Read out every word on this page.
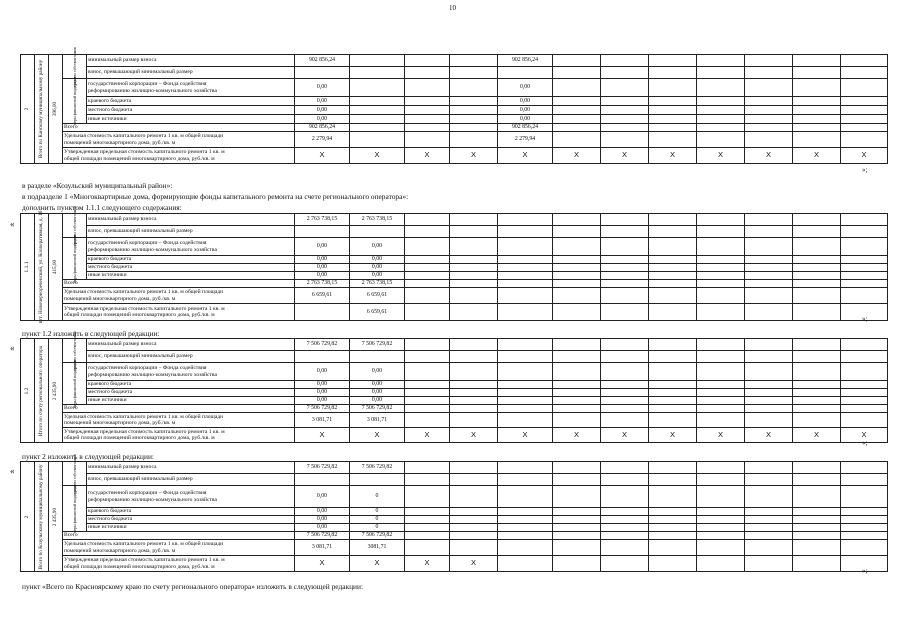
10
2	Всего по Канскому муниципальному району	396,00	средства собствен-ников	минимальный размер взноса	902 856,24				902 856,24							
				взнос, превышающий минимальный размер												

			меры финансовой поддержки	государственной корпорации – Фонда содействия
реформированию жилищно-коммунального хозяйства	0,00				0,00							
				краевого бюджета	0,00				0,00							
				местного бюджета	0,00				0,00							
				иные источники	0,00				0,00							
			Всего		902 856,24				902 856,24							
			Удельная стоимость капитального ремонта 1 кв. м общей площади
помещений многоквартирного дома, руб./кв. м		2 279,94				2 279,94							
			Утвержденная предельная стоимость капитального ремонта 1 кв. м
общей площади помещений многоквартирного дома, руб./кв. м		X	X	X	X	X	X	X	X	X	X	X	X
»;
в разделе «Козульский муниципальный район»:
в подразделе 1 «Многоквартирные дома, формирующие фонды капитального ремонта на счете регионального оператора»:
дополнить пунктом 1.1.1 следующего содержания:
«
1.1.1	пгт. Новочернореченский, ул. Кооперативная, д. 16	415,00	средства собствен-ников	минимальный размер взноса	2 763 738,15	2 763 738,15										
				взнос, превышающий минимальный размер												

			меры финансовой поддержки	государственной корпорации – Фонда содействия
реформированию жилищно-коммунального хозяйства	0,00	0,00										
				краевого бюджета	0,00	0,00										
				местного бюджета	0,00	0,00										
				иные источники	0,00	0,00										
			Всего		2 763 738,15	2 763 738,15										
			Удельная стоимость капитального ремонта 1 кв. м общей площади
помещений многоквартирного дома, руб./кв. м		6 659,61	6 659,61										
			Утвержденная предельная стоимость капитального ремонта 1 кв. м
общей площади помещений многоквартирного дома, руб./кв. м			6 659,61										
»;
пункт 1.2 изложить в следующей редакции:
«
1.2	Итого по счету регионального оператора	2 435,90	средства собствен-ников	минимальный размер взноса	7 506 729,82	7 506 729,82										
				взнос, превышающий минимальный размер												

			меры финансовой поддержки	государственной корпорации – Фонда содействия
реформированию жилищно-коммунального хозяйства	0,00	0,00										
				краевого бюджета	0,00	0,00										
				местного бюджета	0,00	0,00										
				иные источники	0,00	0,00										
			Всего		7 506 729,82	7 506 729,82										
			Удельная стоимость капитального ремонта 1 кв. м общей площади
помещений многоквартирного дома, руб./кв. м		3 081,71	3 081,71										
			Утвержденная предельная стоимость капитального ремонта 1 кв. м
общей площади помещений многоквартирного дома, руб./кв. м		X	X	X	X	X	X	X	X	X	X	X	X
»;
пункт 2 изложить в следующей редакции:
«
2	Всего по Козульскому муниципальному району	2 435,90	средства собствен-ников	минимальный размер взноса	7 506 729,82	7 506 729,82										
				взнос, превышающий минимальный размер												

			меры финансовой поддержки	государственной корпорации – Фонда содействия
реформированию жилищно-коммунального хозяйства	0,00	0										
				краевого бюджета	0,00	0										
				местного бюджета	0,00	0										
				иные источники	0,00	0										
			Всего		7 506 729,82	7 506 729,82										
			Удельная стоимость капитального ремонта 1 кв. м общей площади
помещений многоквартирного дома, руб./кв. м		3 081,71	3081,71										
			Утвержденная предельная стоимость капитального ремонта 1 кв. м
общей площади помещений многоквартирного дома, руб./кв. м		X	X	X	X								
»;
пункт «Всего по Красноярскому краю по счету регионального оператора» изложить в следующей редакции:
